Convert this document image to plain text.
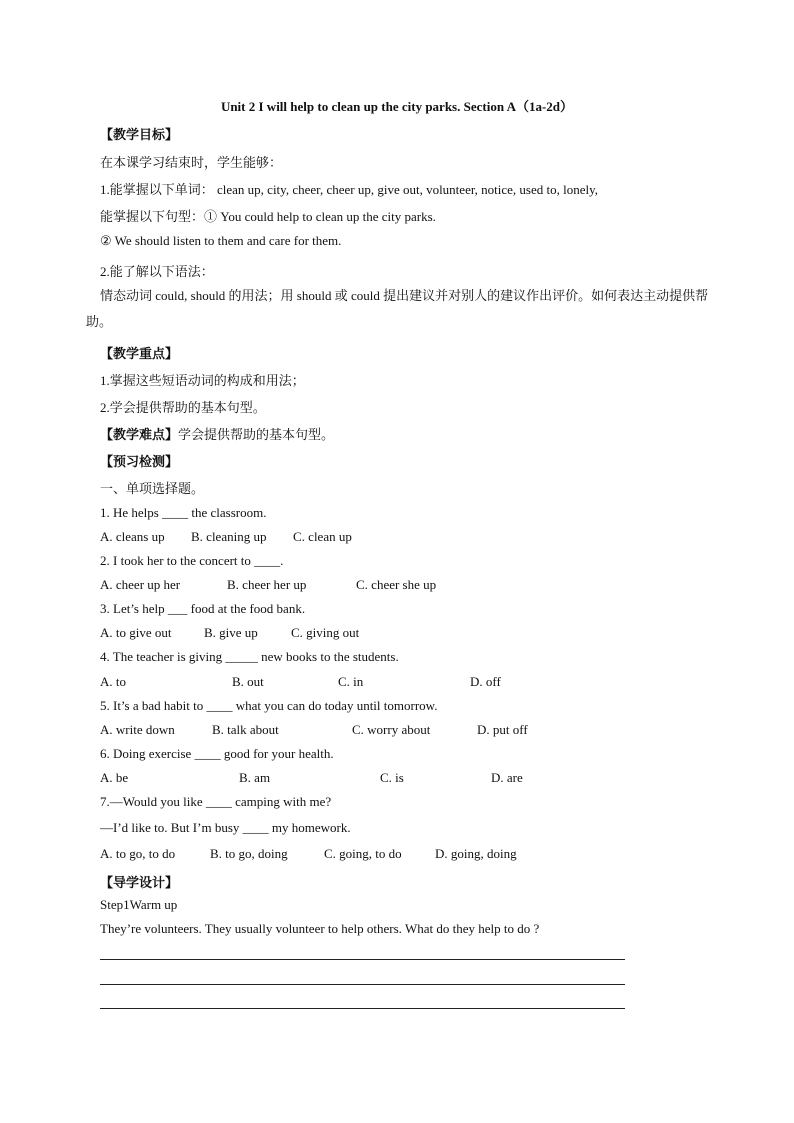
Unit 2 I will help to clean up the city parks. Section A（1a-2d）
【教学目标】
在本课学习结束时，学生能够：
1.能掌握以下单词： clean up, city, cheer, cheer up, give out, volunteer, notice, used to, lonely,
能掌握以下句型：① You could help to clean up the city parks.
② We should listen to them and care for them.
2.能了解以下语法：
情态动词 could, should 的用法；用 should 或 could 提出建议并对别人的建议作出评价。如何表达主动提供帮助。
【教学重点】
1.掌握这些短语动词的构成和用法；
2.学会提供帮助的基本句型。
【教学难点】学会提供帮助的基本句型。
【预习检测】
一、单项选择题。
1. He helps ____ the classroom.
A. cleans up B. cleaning up C. clean up
2. I took her to the concert to ____.
A. cheer up her	B. cheer her up	C. cheer she up
3. Let’s help ___ food at the food bank.
A. to give out	B. give up	C. giving out
4. The teacher is giving _____ new books to the students.
A. to	B. out	C. in	D. off
5. It’s a bad habit to ____ what you can do today until tomorrow.
A. write down	B. talk about	C. worry about	D. put off
6. Doing exercise ____ good for your health.
A. be	B. am	C. is	D. are
7.—Would you like ____ camping with me?
—I’d like to. But I’m busy ____ my homework.
A. to go, to do	B. to go, doing	C. going, to do	D. going, doing
【导学设计】
Step1Warm up
They’re volunteers. They usually volunteer to help others. What do they help to do ?
